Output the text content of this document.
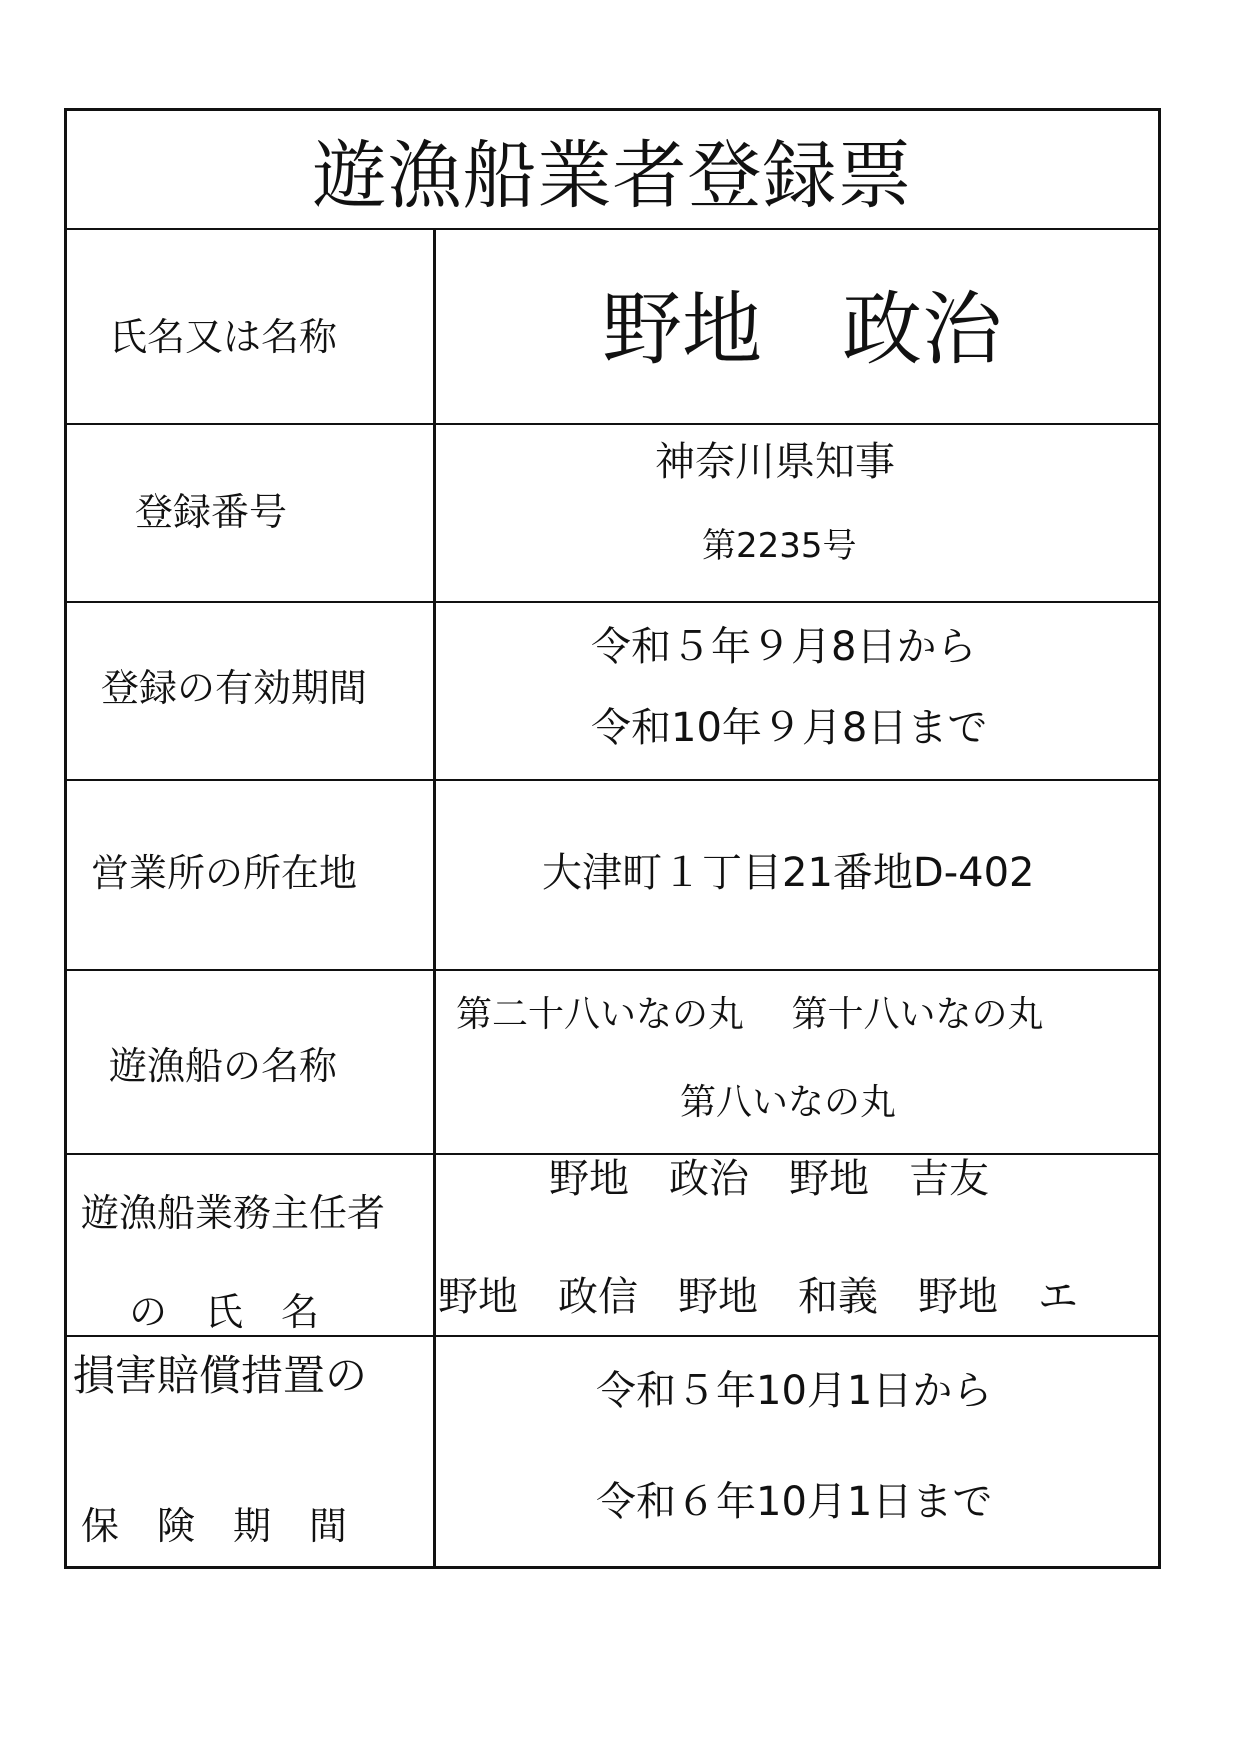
遊漁船業者登録票
氏名又は名称	野地　政治
登録番号
神奈川県知事
第2235号
登録の有効期間
令和５年９月8日から
令和10年９月8日まで
営業所の所在地	大津町１丁目21番地D-402
遊漁船の名称
第二十八いなの丸　 第十八いなの丸
第八いなの丸
遊漁船業務主任者
の　氏　名
野地　政治　野地　吉友
野地　政信　野地　和義　野地　エ
損害賠償措置の
保　険　期　間
令和５年10月1日から
令和６年10月1日まで
